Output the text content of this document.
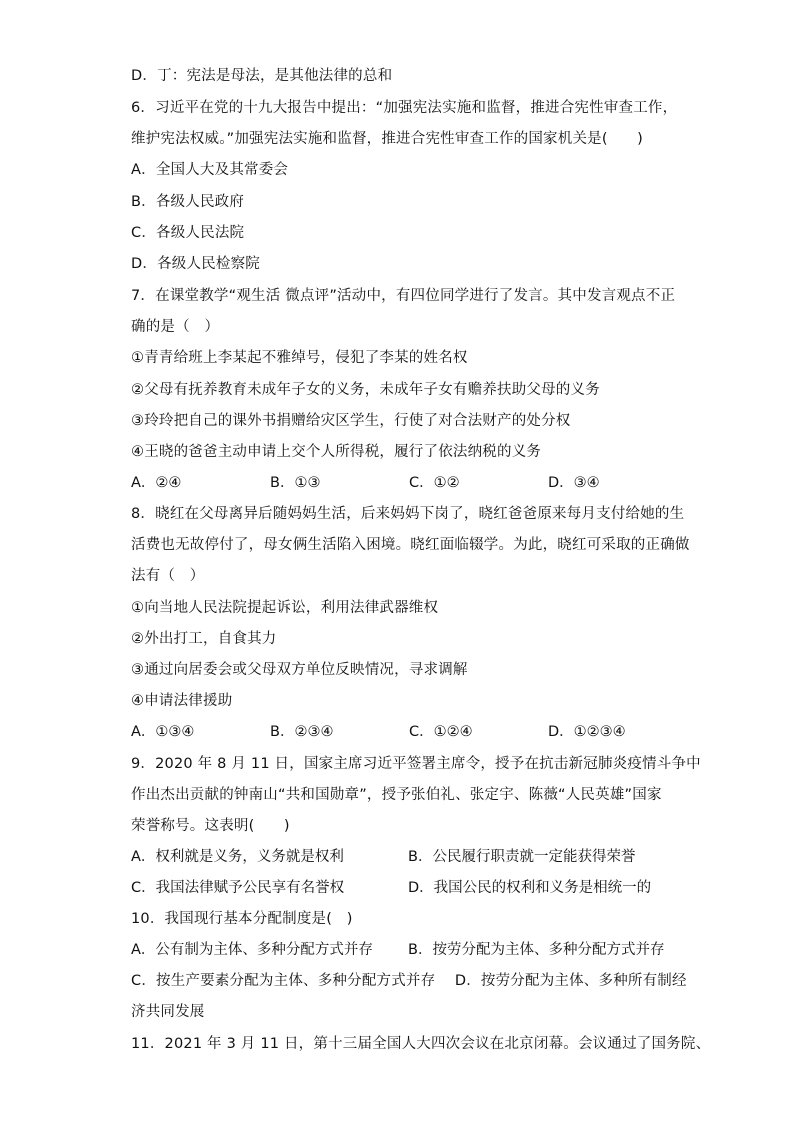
D．丁：宪法是母法，是其他法律的总和
6．习近平在党的十九大报告中提出：“加强宪法实施和监督，推进合宪性审查工作，
维护宪法权威。”加强宪法实施和监督，推进合宪性审查工作的国家机关是(　　)
A．全国人大及其常委会
B．各级人民政府
C．各级人民法院
D．各级人民检察院
7．在课堂教学“观生活 微点评”活动中，有四位同学进行了发言。其中发言观点不正
确的是（　）
①青青给班上李某起不雅绰号，侵犯了李某的姓名权
②父母有抚养教育未成年子女的义务，未成年子女有赡养扶助父母的义务
③玲玲把自己的课外书捐赠给灾区学生，行使了对合法财产的处分权
④王晓的爸爸主动申请上交个人所得税，履行了依法纳税的义务
A．②④	B．①③	C．①②	D．③④
8．晓红在父母离异后随妈妈生活，后来妈妈下岗了，晓红爸爸原来每月支付给她的生
活费也无故停付了，母女俩生活陷入困境。晓红面临辍学。为此，晓红可采取的正确做
法有（　）
①向当地人民法院提起诉讼，利用法律武器维权
②外出打工，自食其力
③通过向居委会或父母双方单位反映情况，寻求调解
④申请法律援助
A．①③④	B．②③④	C．①②④	D．①②③④
9．2020 年 8 月 11 日，国家主席习近平签署主席令，授予在抗击新冠肺炎疫情斗争中
作出杰出贡献的钟南山“共和国勋章”，授予张伯礼、张定宇、陈薇“人民英雄”国家
荣誉称号。这表明(　　)
A．权利就是义务，义务就是权利	B．公民履行职责就一定能获得荣誉
C．我国法律赋予公民享有名誉权	D．我国公民的权利和义务是相统一的
10．我国现行基本分配制度是(　)
A．公有制为主体、多种分配方式并存 B．按劳分配为主体、多种分配方式并存
C．按生产要素分配为主体、多种分配方式并存　 D．按劳分配为主体、多种所有制经
济共同发展
11．2021 年 3 月 11 日，第十三届全国人大四次会议在北京闭幕。会议通过了国务院、
